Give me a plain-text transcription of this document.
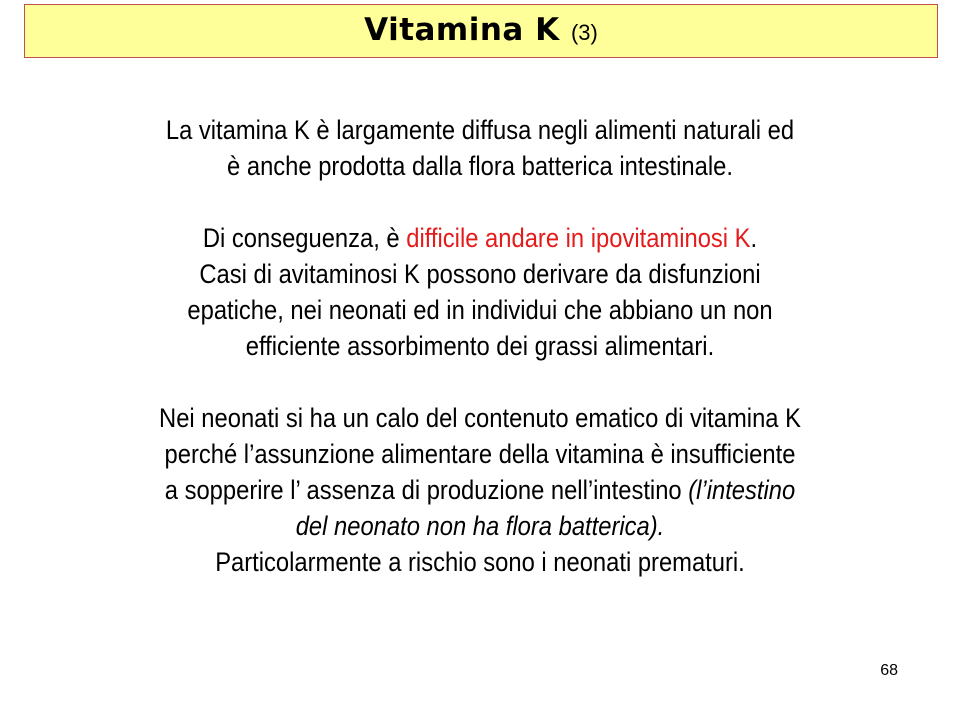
Vitamina K (3)

La vitamina K è largamente diffusa negli alimenti naturali ed
è anche prodotta dalla flora batterica intestinale.

Di conseguenza, è difficile andare in ipovitaminosi K.
Casi di avitaminosi K possono derivare da disfunzioni
epatiche, nei neonati ed in individui che abbiano un non
efficiente assorbimento dei grassi alimentari.

Nei neonati si ha un calo del contenuto ematico di vitamina K
perché l’assunzione alimentare della vitamina è insufficiente
a sopperire l’ assenza di produzione nell’intestino (l’intestino
del neonato non ha flora batterica).
Particolarmente a rischio sono i neonati prematuri.

68
